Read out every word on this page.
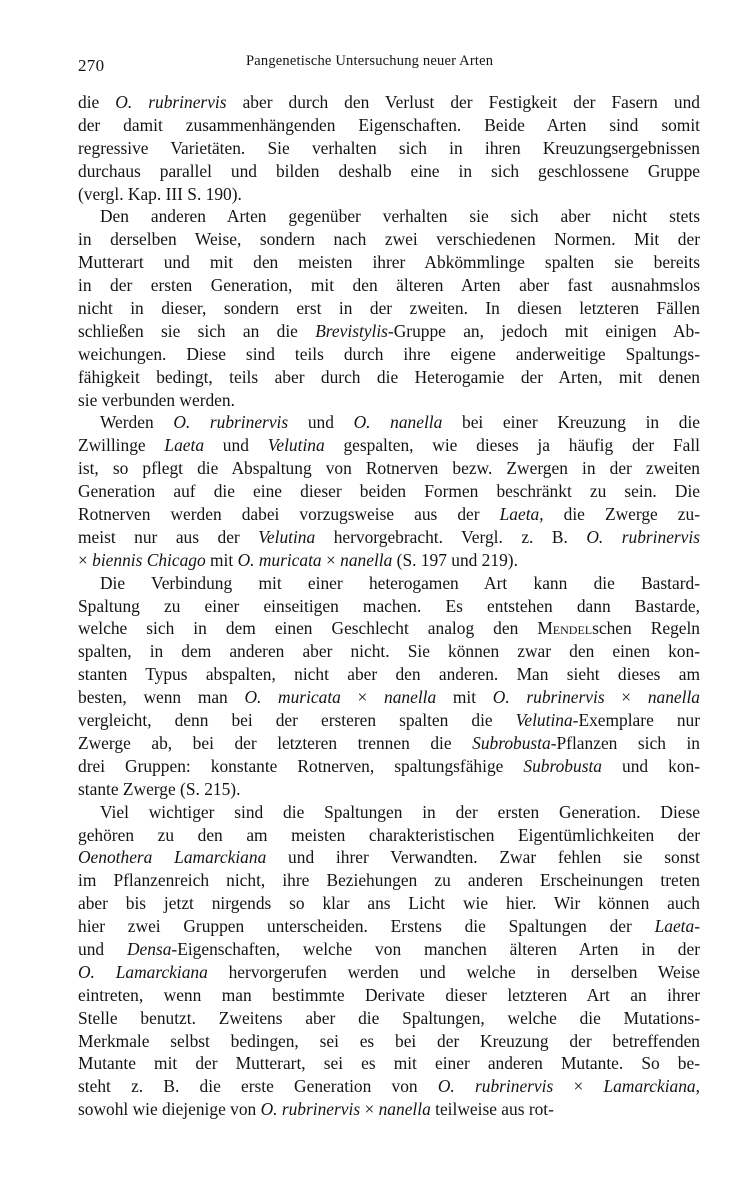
270	Pangenetische Untersuchung neuer Arten
die O. rubrinervis aber durch den Verlust der Festigkeit der Fasern und
der damit zusammenhängenden Eigenschaften. Beide Arten sind somit
regressive Varietäten. Sie verhalten sich in ihren Kreuzungsergebnissen
durchaus parallel und bilden deshalb eine in sich geschlossene Gruppe
(vergl. Kap. III S. 190).
Den anderen Arten gegenüber verhalten sie sich aber nicht stets
in derselben Weise, sondern nach zwei verschiedenen Normen. Mit der
Mutterart und mit den meisten ihrer Abkömmlinge spalten sie bereits
in der ersten Generation, mit den älteren Arten aber fast ausnahmslos
nicht in dieser, sondern erst in der zweiten. In diesen letzteren Fällen
schließen sie sich an die Brevistylis-Gruppe an, jedoch mit einigen Ab-
weichungen. Diese sind teils durch ihre eigene anderweitige Spaltungs-
fähigkeit bedingt, teils aber durch die Heterogamie der Arten, mit denen
sie verbunden werden.
Werden O. rubrinervis und O. nanella bei einer Kreuzung in die
Zwillinge Laeta und Velutina gespalten, wie dieses ja häufig der Fall
ist, so pflegt die Abspaltung von Rotnerven bezw. Zwergen in der zweiten
Generation auf die eine dieser beiden Formen beschränkt zu sein. Die
Rotnerven werden dabei vorzugsweise aus der Laeta, die Zwerge zu-
meist nur aus der Velutina hervorgebracht. Vergl. z. B. O. rubrinervis
× biennis Chicago mit O. muricata × nanella (S. 197 und 219).
Die Verbindung mit einer heterogamen Art kann die Bastard-
Spaltung zu einer einseitigen machen. Es entstehen dann Bastarde,
welche sich in dem einen Geschlecht analog den Mendelschen Regeln
spalten, in dem anderen aber nicht. Sie können zwar den einen kon-
stanten Typus abspalten, nicht aber den anderen. Man sieht dieses am
besten, wenn man O. muricata × nanella mit O. rubrinervis × nanella
vergleicht, denn bei der ersteren spalten die Velutina-Exemplare nur
Zwerge ab, bei der letzteren trennen die Subrobusta-Pflanzen sich in
drei Gruppen: konstante Rotnerven, spaltungsfähige Subrobusta und kon-
stante Zwerge (S. 215).
Viel wichtiger sind die Spaltungen in der ersten Generation. Diese
gehören zu den am meisten charakteristischen Eigentümlichkeiten der
Oenothera Lamarckiana und ihrer Verwandten. Zwar fehlen sie sonst
im Pflanzenreich nicht, ihre Beziehungen zu anderen Erscheinungen treten
aber bis jetzt nirgends so klar ans Licht wie hier. Wir können auch
hier zwei Gruppen unterscheiden. Erstens die Spaltungen der Laeta-
und Densa-Eigenschaften, welche von manchen älteren Arten in der
O. Lamarckiana hervorgerufen werden und welche in derselben Weise
eintreten, wenn man bestimmte Derivate dieser letzteren Art an ihrer
Stelle benutzt. Zweitens aber die Spaltungen, welche die Mutations-
Merkmale selbst bedingen, sei es bei der Kreuzung der betreffenden
Mutante mit der Mutterart, sei es mit einer anderen Mutante. So be-
steht z. B. die erste Generation von O. rubrinervis × Lamarckiana,
sowohl wie diejenige von O. rubrinervis × nanella teilweise aus rot-
